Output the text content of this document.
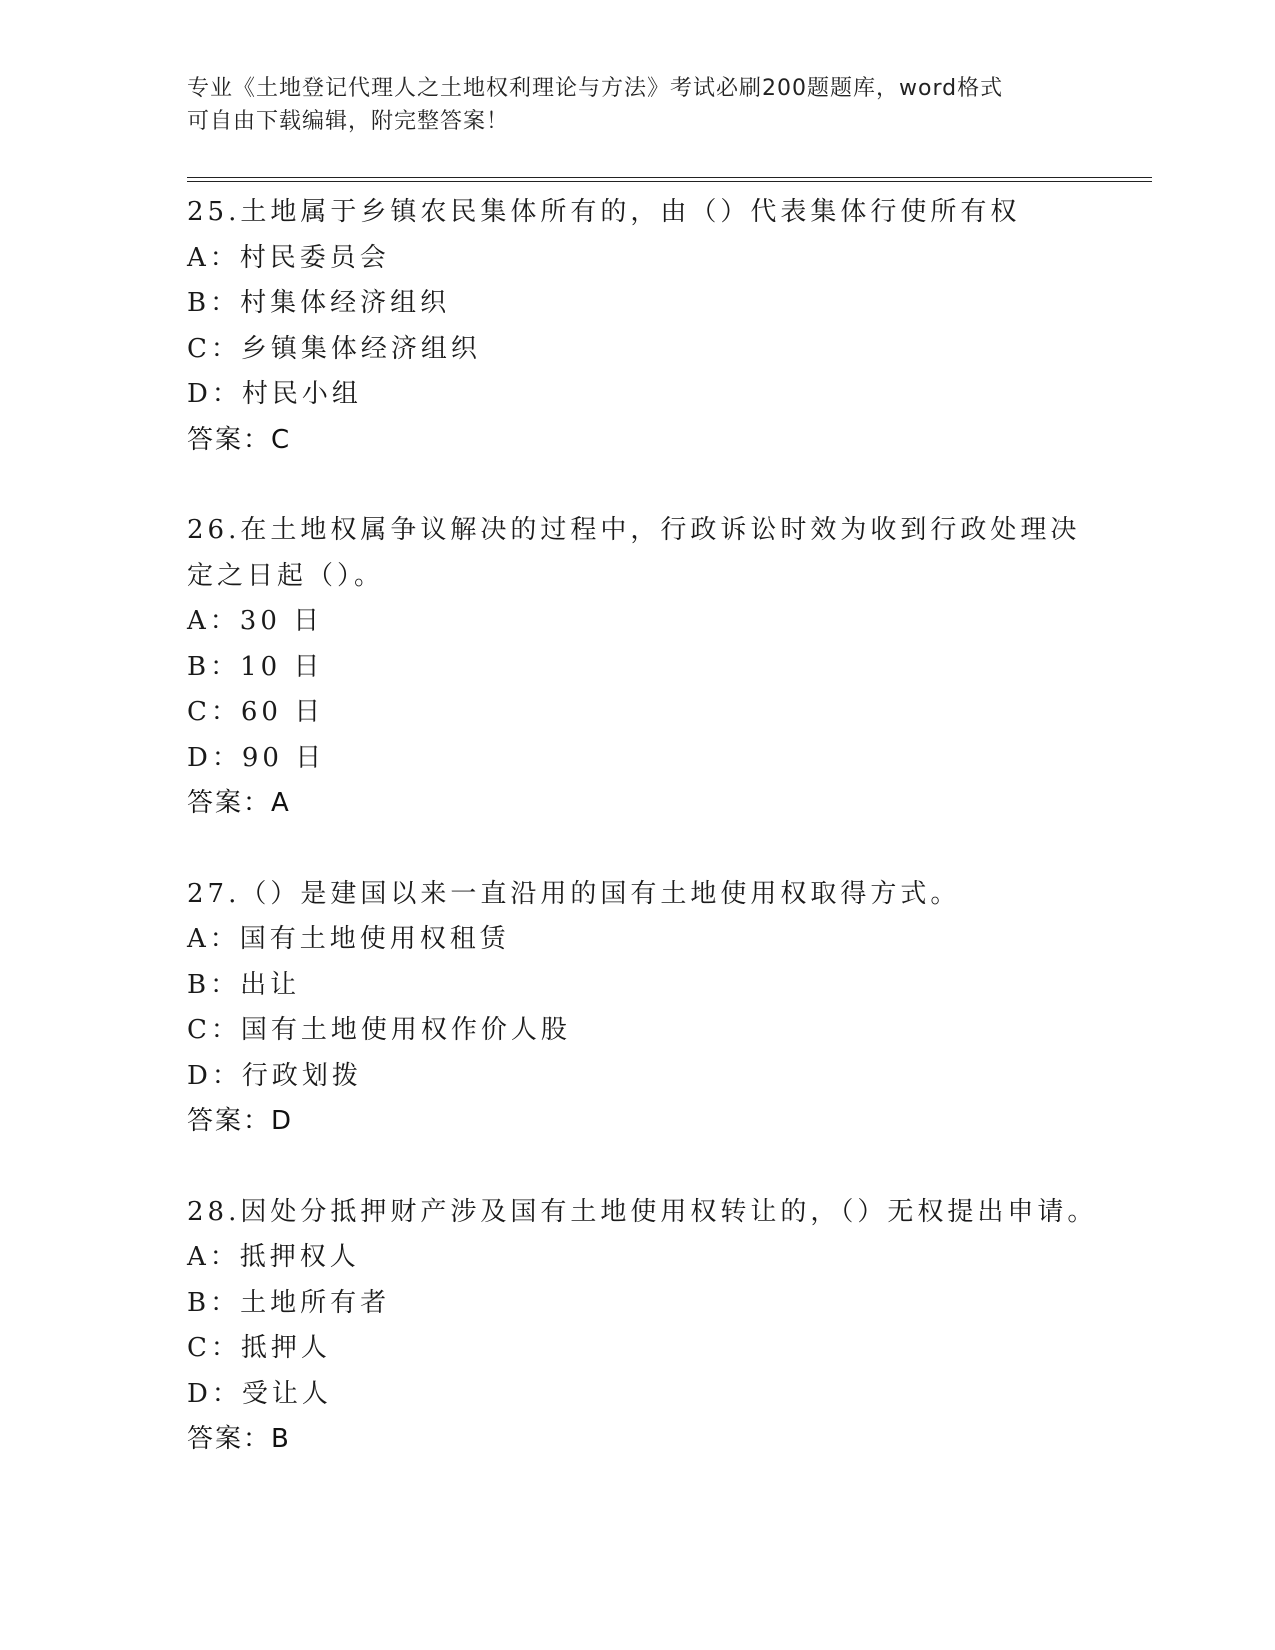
专业《土地登记代理人之土地权利理论与方法》考试必刷200题题库，word格式
可自由下载编辑，附完整答案！
25.土地属于乡镇农民集体所有的，由（）代表集体行使所有权
A：村民委员会
B：村集体经济组织
C：乡镇集体经济组织
D：村民小组
答案：C
26.在土地权属争议解决的过程中，行政诉讼时效为收到行政处理决定之日起（）。
A：30 日
B：10 日
C：60 日
D：90 日
答案：A
27.（）是建国以来一直沿用的国有土地使用权取得方式。
A：国有土地使用权租赁
B：出让
C：国有土地使用权作价人股
D：行政划拨
答案：D
28.因处分抵押财产涉及国有土地使用权转让的，（）无权提出申请。
A：抵押权人
B：土地所有者
C：抵押人
D：受让人
答案：B
